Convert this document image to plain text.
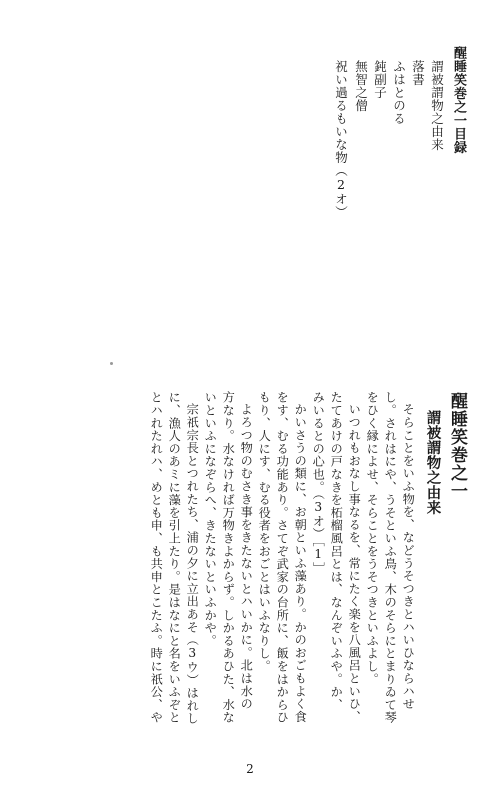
醒睡笑巻之一目録
謂被謂物之由来
落書
ふはとのる
鈍副子
無智之僧
祝い過るもいな物（2オ）
醒睡笑巻之一
謂被謂物之由来
そらことをいふ物を、などうそつきとハいひならハせ
し。されはにや、うそといふ鳥、木のそらにとまりゐて琴
をひく縁によせ、そらことをうそつきといふよし。
いつれもおなし事なるを、常にたく楽を八風呂といひ、
たてあけの戸なきを柘榴風呂とは、なんぞいふや。か、
みいるとの心也。（3オ）［1］
かいさうの類に、お朝といふ藻あり。かのおごもよく食
をす、むる功能あり。さてぞ武家の台所に、飯をはからひ
もり、人にす、むる役者をおごとはいふなりし。
よろつ物のむさき事をきたないとハいかに。北は水の
方なり。水なければ万物きよからず。しかるあひた、水な
いといふになぞらへ、きたないといふかや。
宗祇宗長とつれたち、浦の夕に立出あそ（3ウ）はれし
に、漁人のあミに藻を引上たり。是はなにと名をいふぞと
とハれたれハ、めとも申、も共申とこたふ。時に祇公、や
2
